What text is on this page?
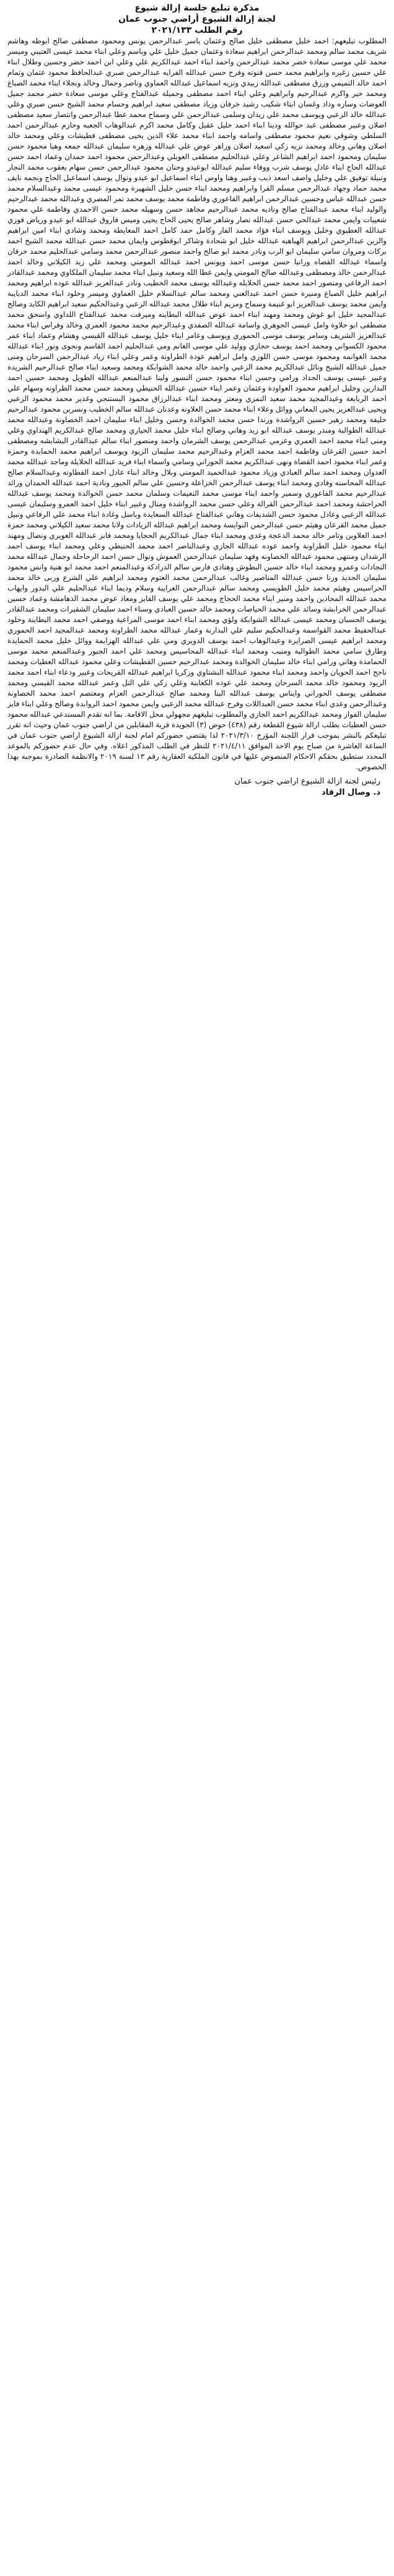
مذكرة تبليغ جلسة إزالة شيوع
لجنة إزالة الشيوع أراضي جنوب عمان
رقم الطلب ٢٠٢١/١٣٣

المطلوب تبليغهم: احمد خليل مصطفى خليل صالح وعثمان ياسر عبدالرحمن يونس ومحمود مصطفى صالح ابوطه وهاشم شريف محمد سالم ومحمد عبدالرحمن ابراهيم سعادة وعثمان جميل خليل علي وباسم وعلي ابناء محمد عيسى العتيبي وميسر محمد علي موسى سعادة خضر محمد عبدالرحمن واحمد ابناء احمد عبدالكريم علي وعلي ابن احمد خضر وحسين وطلال ابناء علي حسين زغيره وابراهيم محمد حسن قنوته وفرح حسن عبدالله الفرايه عبدالرحمن صبري عبدالحافظ محمود عثمان وتمام احمد خالد التميمي ورزق مصطفى عبدالله زبيدي ونزيه اسماعيل عبدالله العماوي وناصر وجمال وخالد ونجلاء ابناء محمد الصباغ ومحمد خير واكرم عبدالرحيم وابراهيم وعلي ابناء احمد مصطفى وجميلة عبدالفتاح وعلي موسى سعادة خضر محمد جميل العوضات وساره وداد وغسان ابناء شكيب رشيد خرفان وزياد مصطفى سعيد ابراهيم وحسام محمد الشيخ حسن صبري وعلي عبدالله خالد الزعبي ويوسف محمد علي زيدان وسلمى عبدالرحمن علي وسماح محمد عطا عبدالرحمن وانتصار سعيد مصطفى اصلان وعبير مصطفى عبد حوالله ودينا ابناء احمد خليل عقيل وكامل محمد اكرم عبدالوهاب الجعبه وحازم عبدالرحمن احمد السلطي وشوقي نعيم محمود مصطفى واسامه واحمد ابناء محمد علاء الدين يحيى مصطفى قطيشات وعلي ومحمد خالد اصلان وهاني وخالد ومحمد نزيه زكي اسعيد اصلان وزاهر عوض علي عبدالله وزهره سليمان عبدالله جمعه وهيا محمود حسن سليمان ومحمود احمد ابراهيم الشاعر وعلي عبدالحليم مصطفى العويلي وعبدالرحمن محمود احمد حمدان وعماد احمد حسن عبدالله الحاج ابناء عادل يوسف شرب ووفاء سليم عبدالله ابوعيدو وحنان محمود عبدالرحمن حسن سهام يعقوب محمد النجار ونبيلة توفيق علي وخليل واصف اسعد ذيب وعبير وهنا واوس ابناء اسماعيل ابو عيدو ونوال يوسف اسماعيل الحاج ونجمه نايف محمد حماد وجهاد عبدالرحمن مسلم الفرا وابراهيم ومحمد ابناء حسن خليل الشهيرة ومحمود عيسى محمد وعبدالسلام محمد حسن عبدالله عباس وحسين عبدالرحمن ابراهيم الفاعوري وفاطمة محمد يوسف محمد نمر المصري وعبدالله محمد عبدالرحيم والوليد ابناء محمد عبدالفتاح صالح وناديه محمد عبدالرحيم مجاهد حسن وسهيله محمد حسن الاحمدي وفاطمة علي محمود شعيبات وايمن محمد عبدالحي حسن عبدالله نصار وشاهر صالح يحيى الحاج يحيى وميس فاروق عبدالله ابو عيدو ورياض فوزي عبدالله العطيوي وخليل ويوسف ابناء فؤاد محمد الفار وكامل حمد كامل احمد المعايطة ومحمد وشادي ابناء امين ابراهيم والزين عبدالرحمن ابراهيم الهباهبه عبدالله خليل ابو شحادة وشاكر ابوقطوس وايمان محمد حسن عبدالله محمد الشيخ احمد بركات ومروان سامي سليمان ابو الرب ونادر محمد ابو صالح واحمد منصور عبدالرحمن محمد وسامي عبدالحليم محمد خرفان واسماء عبدالله القضاه ورانيا حسن موسى احمد ويونس احمد عبدالله المومني ومحمد علي زيد الكيلاني وخالد احمد عبدالرحمن خالد ومصطفى وعبدالله صالح المومني وايمن عطا الله وسعيد ونبيل ابناء محمد سليمان الملكاوي ومحمد عبدالقادر احمد الرفاعي ومنصور احمد محمد حسن الخلايله وعبدالله يوسف محمد الخطيب ونادر عبدالعزيز عبدالله عوده ابراهيم ومحمد ابراهيم خليل الصباغ ومنيرة حسن احمد عبدالغني ومحمد سالم عبدالسلام خليل العماوي وميسر وخلود ابناء محمد الدبايبة وايمن محمد يوسف عبدالعزيز ابو غنيمة وسماح ومريم ابناء طلال محمد عبدالله الزعبي وعبدالحكيم سعيد ابراهيم الكايد وصالح عبدالمجيد خليل ابو غوش ومحمد ومهند ابناء احمد عوض عبدالله البطاينه وميرفت محمد عبدالفتاح اللداوي واسحق محمد مصطفى ابو حلاوة وامل عيسى الجوهري واسامة عبدالله الصفدي وعبدالرحيم محمد محمود العمري وخالد وفراس ابناء محمد عبدالعزيز الشريف وسامر يوسف موسى الحموري ويوسف وعامر ابناء خليل يوسف عبدالله القيسي وهشام وعماد ابناء عمر محمود الكسواني ومحمد احمد يوسف حجازي ووليد علي موسى الغانم ومي عبدالحليم احمد القاسم ونجوى ونور ابناء عبدالله محمد الغوانمه ومحمود موسى حسن اللوزي وامل ابراهيم عودة الطراونة وعمر وعلي ابناء زياد عبدالرحمن السرحان ومنى جميل عبدالله الشيخ ونائل عبدالكريم محمد الزعبي واحمد خالد محمد الشوابكة ومحمد وسعيد ابناء صالح عبدالرحيم الشريدة وعبير عيسى يوسف الحداد ورامي وحسن ابناء محمود حسن النسور ولينا عبدالمنعم عبدالله الطويل ومحمد حسين احمد البدارين وخليل ابراهيم محمود العواودة وعثمان وعمر ابناء حسين عبدالله الحنيطي ومحمد حسن محمد الطراونه وسهام علي احمد الربابعة وعبدالمجيد محمد سعيد النمري ومعتز ومحمد ابناء عبدالرزاق محمود البستنجي وغدير محمد محمود الزعبي ويحيى عبدالعزيز يحيى المعاني ووائل وعلاء ابناء محمد حسن العلاونه وعدنان عبدالله سالم الخطيب ونسرين محمود عبدالرحيم خليفة ومحمد زهير حسين الرواشدة ورندا حسن محمد الخوالدة وحسن وخليل ابناء سليمان احمد الخصاونة وعبدالله محمد عبدالله الطوالبة ومنذر يوسف عبدالله ابو زيد وهاني وصالح ابناء خليل محمد الحياري ومحمد صالح عبدالكريم الهنداوي وعلي ومنى ابناء محمد احمد العمري وعزمي عبدالرحمن يوسف الشرمان واحمد ومنصور ابناء سالم عبدالقادر البشابشه ومصطفى احمد حسين القرعان وفاطمة احمد محمد العزام وعبدالرحيم محمد سليمان الزيود ويوسف ابراهيم محمد الحمايدة وحمزة وعمر ابناء محمود احمد القضاة ونهى عبدالكريم محمد الحوراني وسامي واسماء ابناء فريد عبدالله الخلايلة وماجد عبدالله محمد العدوان ومحمد احمد سالم العبادي وزياد محمود عبدالحميد المومني وبلال وخالد ابناء عادل احمد القطاونه وعبدالسلام صالح عبدالله المحاسنه وفادي ومحمد ابناء يوسف عبدالرحمن الخزاعلة وحسين علي سالم الجبور ونادية احمد عبدالله الحمدان ورائد عبدالرحيم محمد الفاعوري وسمير واحمد ابناء موسى محمد النعيمات وسلمان محمد حسن الخوالدة ومحمد يوسف عبدالله الحراحشة ومحمد احمد عبدالرحمن القرالة وعلي حسن محمد الرواشدة ومنال وعبير ابناء خليل احمد العمرو وسليمان عيسى عبدالله الزعبي وعادل محمود حسن الشديفات وهاني عبدالفتاح عبدالله السعايدة وباسل وغادة ابناء محمد علي الرفاعي ونبيل جميل محمد القرعان وهيثم حسن عبدالرحمن النوايسة ومحمد ابراهيم عبدالله الزيادات ولانا محمد سعيد الكيلاني ومحمد حمزة احمد العلاوين وتامر خالد محمد الدعجة وعدي ومحمد ابناء جمال عبدالكريم الحجايا ومحمد فايز عبدالله الغويري ونضال ومهند ابناء محمود خليل الطراونة واحمد عوده عبدالله الجازي وعبدالناصر احمد محمد الحنيطي وعلي ومحمد ابناء يوسف احمد الرشدان ومنتهى محمود عبدالله الخصاونه وفهد سليمان عبدالرحمن العموش ونوال حسن احمد الرحاحلة وجمال عبدالله محمد النجادات وعمرو ومحمد ابناء خالد حسين البطوش وهنادي فارس سالم الدرادكة وعبدالمنعم احمد محمد ابو هنية وانس محمود سليمان الحديد ورنا حسن عبدالله المناصير وغالب عبدالرحمن محمد العتوم ومحمد ابراهيم علي الشرع وربى خالد محمد الحراسيس وهيثم محمد خليل الطويسي ومحمد سالم عبدالرحمن الغرايبة وسلام وديما ابناء عبدالحليم علي البدور وايهاب محمد عبدالله المحادين واحمد ومنير ابناء محمد الحجاج ومحمد علي يوسف الفايز ومعاذ عوض محمد الدهامشة وعماد حسين عبدالرحمن الخرابشة وسائد علي محمد الحياصات ومحمد خالد حسين العبادي وسناء احمد سليمان الشقيرات ومحمد عبدالقادر يوسف الحسبان ومحمد عيسى عبدالله الشوابكة ولؤي ومحمد ابناء احمد موسى المراعية ووصفي احمد محمد البطاينة وخلود عبدالحفيظ محمد القواسمة وعبدالحكيم سليم علي البدارنة وعمار عبدالله محمد الطراونة ومحمد عبدالمجيد احمد الحموري ومحمد ابراهيم عيسى الصرايرة وعبدالوهاب احمد يوسف الدويري ومي علي عبدالله الهزايمة ووائل خليل محمد الحمايدة وطارق سامي محمد الطوالبة ومنيب ومحمد ابناء عبدالله المحاسيس ومحمد علي احمد الجبور وعبدالمنعم محمد موسى الحمامدة وهاني ورامي ابناء خالد سليمان الخوالدة ومحمد عبدالرحيم حسين القطيشات وعلي محمود عبدالله العطيات ومحمد ناجح احمد الحويان واحمد ومحمد ابناء محمود عبدالله البشتاوي وزكريا ابراهيم عبدالله الفريحات وعبير ودعاء ابناء احمد محمد الزيود ومحمود خالد محمد السرحان ومحمد علي عوده الكعابنة وعلي زكي علي التل وعمر عبدالله محمد القيسي ومحمد مصطفى يوسف الحوراني وايناس يوسف عبدالله البنا ومحمد صالح عبدالرحمن العزام ومعتصم احمد محمد الخصاونة وعبدالرحمن وعدي ابناء محمد حسن العبداللات وفرح عبدالله محمد الزعبي وايمن محمود احمد الروابدة وصالح وعلي ابناء فايز سليمان الفواز ومحمد عبدالكريم احمد الجازي والمطلوب تبليغهم مجهولي محل الاقامة. بما انه تقدم المستدعي عبدالله محمود حسن العطيات بطلب ازالة شيوع القطعة رقم (٤٣٨) حوض (٣) الجويدة قرية المقابلين من اراضي جنوب عمان وحيث انه تقرر تبليغكم بالنشر بموجب قرار اللجنة المؤرخ ٢٠٢١/٣/١٠ لذا يقتضي حضوركم امام لجنة ازالة الشيوع اراضي جنوب عمان في الساعة العاشرة من صباح يوم الاحد الموافق ٢٠٢١/٤/١١ للنظر في الطلب المذكور اعلاه. وفي حال عدم حضوركم بالموعد المحدد ستطبق بحقكم الاحكام المنصوص عليها في قانون الملكية العقارية رقم ١٣ لسنة ٢٠١٩ والانظمة الصادرة بموجبه بهذا الخصوص.

رئيس لجنة ازالة الشيوع اراضي جنوب عمان
د. وصال الرقاد
